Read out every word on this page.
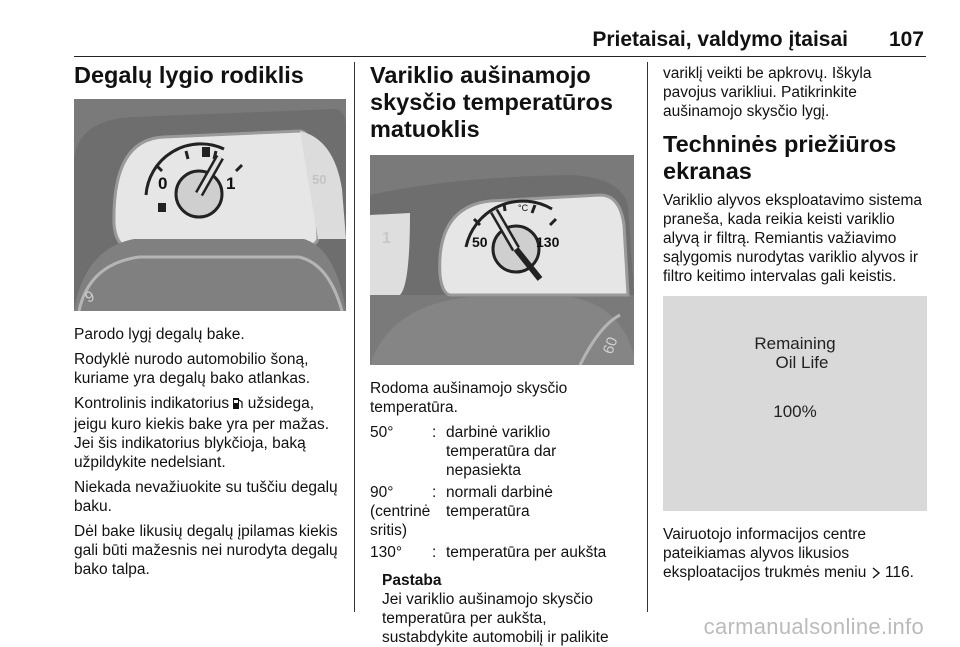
Prietaisai, valdymo įtaisai 107
Degalų lygio rodiklis
0	1	50
9

Parodo lygį degalų bake.

Rodyklė nurodo automobilio šoną, kuriame yra degalų bako atlankas.

Kontrolinis indikatorius užsidega, jeigu kuro kiekis bake yra per mažas. Jei šis indikatorius blykčioja, baką užpildykite nedelsiant.

Niekada nevažiuokite su tuščiu degalų baku.

Dėl bake likusių degalų įpilamas kiekis gali būti mažesnis nei nurodyta degalų bako talpa.

Variklio aušinamojo skysčio temperatūros matuoklis
°C
1	50	130
60

Rodoma aušinamojo skysčio temperatūra.

50°	:	darbinė variklio temperatūra dar nepasiekta
90° (centrinė sritis)	:	normali darbinė temperatūra
130°	:	temperatūra per aukšta
Pastaba
Jei variklio aušinamojo skysčio temperatūra per aukšta, sustabdykite automobilį ir palikite

variklį veikti be apkrovų. Iškyla pavojus varikliui. Patikrinkite aušinamojo skysčio lygį.

Techninės priežiūros ekranas

Variklio alyvos eksploatavimo sistema praneša, kada reikia keisti variklio alyvą ir filtrą. Remiantis važiavimo sąlygomis nurodytas variklio alyvos ir filtro keitimo intervalas gali keistis.

Remaining
Oil Life
100%

Vairuotojo informacijos centre pateikiamas alyvos likusios eksploatacijos trukmės meniu 116.

carmanualsonline.info
